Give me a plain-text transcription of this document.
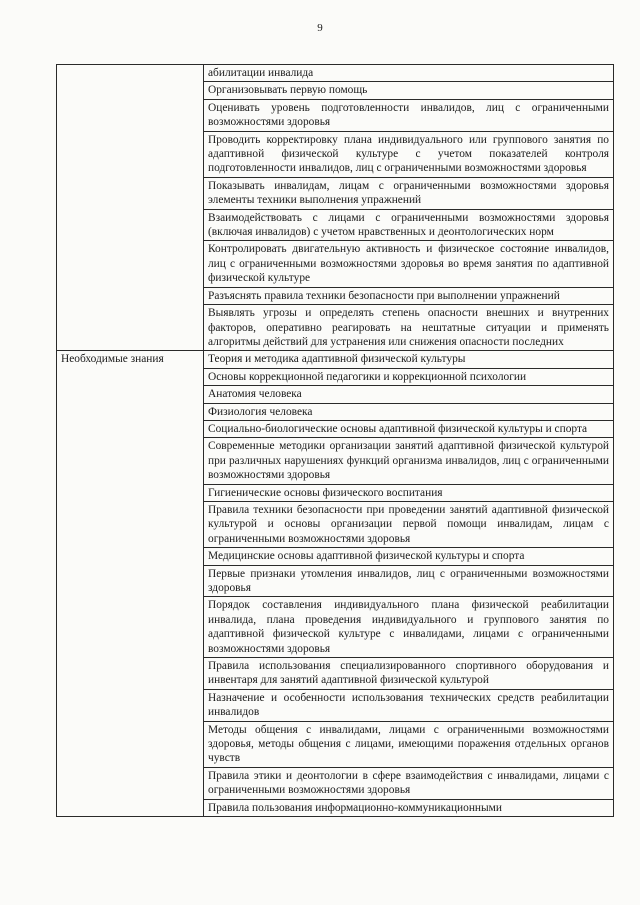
9
	абилитации инвалида
	Организовывать первую помощь
	Оценивать уровень подготовленности инвалидов, лиц с ограниченными возможностями здоровья
	Проводить корректировку плана индивидуального или группового занятия по адаптивной физической культуре с учетом показателей контроля подготовленности инвалидов, лиц с ограниченными возможностями здоровья
	Показывать инвалидам, лицам с ограниченными возможностями здоровья элементы техники выполнения упражнений
	Взаимодействовать с лицами с ограниченными возможностями здоровья (включая инвалидов) с учетом нравственных и деонтологических норм
	Контролировать двигательную активность и физическое состояние инвалидов, лиц с ограниченными возможностями здоровья во время занятия по адаптивной физической культуре
	Разъяснять правила техники безопасности при выполнении упражнений
	Выявлять угрозы и определять степень опасности внешних и внутренних факторов, оперативно реагировать на нештатные ситуации и применять алгоритмы действий для устранения или снижения опасности последних
Необходимые знания	Теория и методика адаптивной физической культуры
	Основы коррекционной педагогики и коррекционной психологии
	Анатомия человека
	Физиология человека
	Социально-биологические основы адаптивной физической культуры и спорта
	Современные методики организации занятий адаптивной физической культурой при различных нарушениях функций организма инвалидов, лиц с ограниченными возможностями здоровья
	Гигиенические основы физического воспитания
	Правила техники безопасности при проведении занятий адаптивной физической культурой и основы организации первой помощи инвалидам, лицам с ограниченными возможностями здоровья
	Медицинские основы адаптивной физической культуры и спорта
	Первые признаки утомления инвалидов, лиц с ограниченными возможностями здоровья
	Порядок составления индивидуального плана физической реабилитации инвалида, плана проведения индивидуального и группового занятия по адаптивной физической культуре с инвалидами, лицами с ограниченными возможностями здоровья
	Правила использования специализированного спортивного оборудования и инвентаря для занятий адаптивной физической культурой
	Назначение и особенности использования технических средств реабилитации инвалидов
	Методы общения с инвалидами, лицами с ограниченными возможностями здоровья, методы общения с лицами, имеющими поражения отдельных органов чувств
	Правила этики и деонтологии в сфере взаимодействия с инвалидами, лицами с ограниченными возможностями здоровья
	Правила пользования информационно-коммуникационными
